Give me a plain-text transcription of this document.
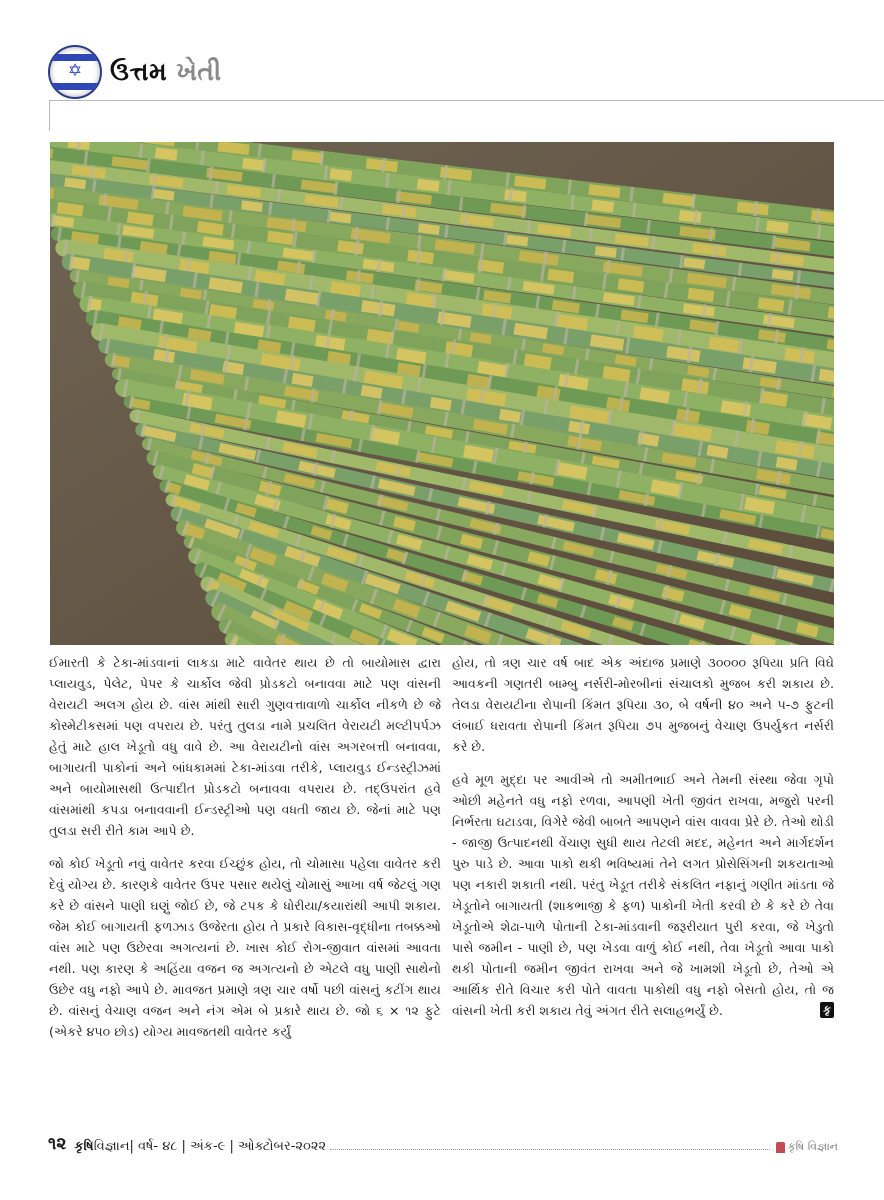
✡ ઉત્તમ ખેતી

ઈમારતી કે ટેકા-માંડવાનાં લાકડા માટે વાવેતર થાય છે તો બાયોમાસ દ્વારા પ્લાયવુડ, પેલેટ, પેપર કે ચાર્કોલ જેવી પ્રોડકટો બનાવવા માટે પણ વાંસની વેરાયટી અલગ હોય છે. વાંસ માંથી સારી ગુણવત્તાવાળો ચાર્કોલ નીકળે છે જે કોસ્મેટીકસમાં પણ વપરાય છે. પરંતુ તુલડા નામે પ્રચલિત વેરાયટી મલ્ટીપર્પઝ હેતું માટે હાલ ખેડૂતો વધુ વાવે છે. આ વેરાયટીનો વાંસ અગરબત્તી બનાવવા, બાગાયતી પાકોનાં અને બાંધકામમાં ટેકા-માંડવા તરીકે, પ્લાયવુડ ઈન્ડસ્ટ્રીઝમાં અને બાયોમાસથી ઉત્પાદીત પ્રોડકટો બનાવવા વપરાય છે. તદ્ઉપરાંત હવે વાંસમાંથી કપડા બનાવવાની ઈન્ડસ્ટ્રીઓ પણ વધતી જાય છે. જેનાં માટે પણ તુલડા સરી રીતે કામ આપે છે.

જો કોઈ ખેડૂતો નવું વાવેતર કરવા ઈચ્છુંક હોય, તો ચોમાસા પહેલા વાવેતર કરી દેવું યોગ્ય છે. કારણકે વાવેતર ઉપર પસાર થયેલું ચોમાસું આખા વર્ષ જેટલું ગણ કરે છે વાંસને પાણી ઘણું જોઈ છે, જે ટપક કે ધોરીયા/કયારાંથી આપી શકાય. જેમ કોઈ બાગાયતી ફળઝાડ ઉજેરતા હોય તે પ્રકારે વિકાસ-વૃદ્ધીના તબક્કઓ વાંસ માટે પણ ઉછેરવા અગત્યનાં છે. ખાસ કોઈ રોગ-જીવાત વાંસમાં આવતા નથી. પણ કારણ કે અહિંયા વજન જ અગત્યનો છે એટલે વધુ પાણી સાથેનો ઉછેર વધુ નફો આપે છે. માવજત પ્રમાણે ત્રણ ચાર વર્ષો પછી વાંસનું કટીંગ થાય છે. વાંસનું વેચાણ વજન અને નંગ એમ બે પ્રકારે થાય છે. જો ૬ × ૧૨ ફુટે (એકરે ૪૫૦ છોડ) યોગ્ય માવજતથી વાવેતર કર્યું

હોય, તો ત્રણ ચાર વર્ષ બાદ એક અંદાજ પ્રમાણે ૩૦૦૦૦ રૂપિયા પ્રતિ વિઘે આવકની ગણતરી બામ્બુ નર્સરી-મોરબીનાં સંચાલકો મુજબ કરી શકાય છે. તેલડા વેરાયટીના રોપાની કિંમત રૂપિયા ૩૦, બે વર્ષની ૪૦ અને ૫-૭ ફુટની લંબાઈ ધરાવતા રોપાની કિંમત રૂપિયા ૭૫ મુજબનું વેચાણ ઉપર્યુકત નર્સરી કરે છે.

હવે મૂળ મુદ્દા પર આવીએ તો અમીતભાઈ અને તેમની સંસ્થા જેવા ગૃપો ઓછી મહેનતે વધુ નફો રળવા, આપણી ખેતી જીવંત રાખવા, મજુરો પરની નિર્ભરતા ઘટાડવા, વિગેરે જેવી બાબતે આપણને વાંસ વાવવા પ્રેરે છે. તેઓ થોડી - જાજી ઉત્પાદનથી વેંચાણ સુધી થાય તેટલી મદદ, મહેનત અને માર્ગદર્શન પુરુ પાડે છે. આવા પાકો થકી ભવિષ્યમાં તેને લગત પ્રોસેસિંગની શકયતાઓ પણ નકારી શકાતી નથી. પરંતુ ખેડૂત તરીકે સંકલિત નફાનું ગણીત માંડતા જે ખેડૂતોને બાગાયતી (શાકભાજી કે ફળ) પાકોની ખેતી કરવી છે કે કરે છે તેવા ખેડૂતોએ શેઢા-પાળે પોતાની ટેકા-માંડવાની જરૂરીયાત પુરી કરવા, જે ખેડુતો પાસે જમીન - પાણી છે, પણ ખેડવા વાળું કોઈ નથી, તેવા ખેડૂતો આવા પાકો થકી પોતાની જમીન જીવંત રાખવા અને જે ખામશી ખેડૂતો છે, તેઓ એ આર્થિક રીતે વિચાર કરી પોતે વાવતા પાકોથી વધુ નફો બેસતો હોય, તો જ વાંસની ખેતી કરી શકાય તેવું અંગત રીતે સલાહભર્યું છે.	કૃ

૧૨ કૃષિ વિજ્ઞાન | વર્ષ- ૪૮ | અંક-૯ | ઓક્ટોબર-૨૦૨૨	કૃષિ વિજ્ઞાન
